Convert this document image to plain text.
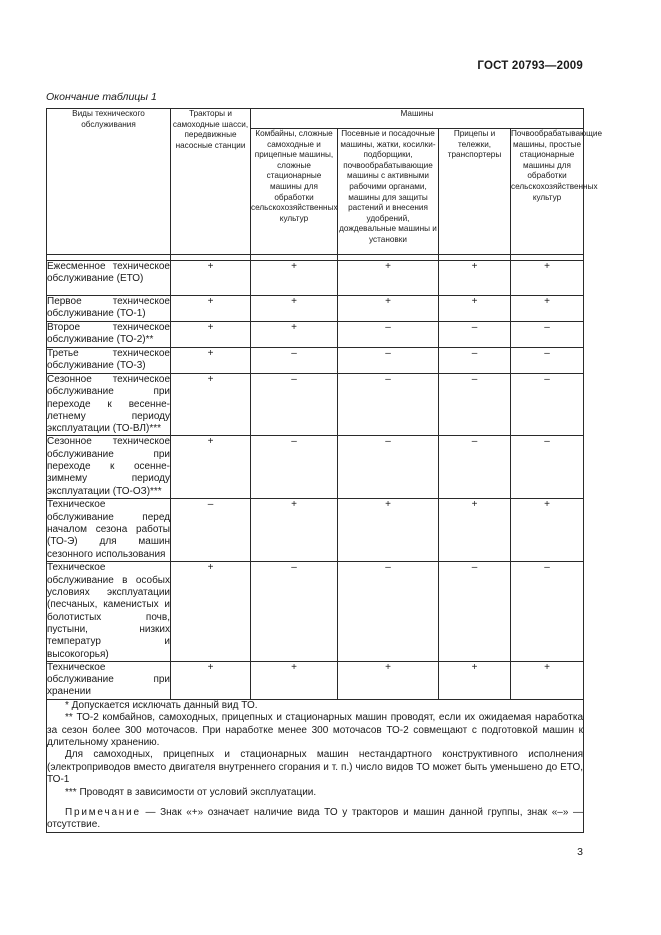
ГОСТ 20793—2009
Окончание таблицы 1
Виды технического обслуживания	Тракторы и самоходные шасси, передвижные насосные станции	Машины			
		Комбайны, сложные самоходные и прицепные машины, сложные стационарные машины для обработки сельскохозяйственных культур	Посевные и посадочные машины, жатки, косилки-подборщики, почвообрабатывающие машины с активными рабочими органами, машины для защиты растений и внесения удобрений, дождевальные машины и установки	Прицепы и тележки, транспортеры	Почвообрабатывающие машины, простые стационарные машины для обработки сельскохозяйственных культур

Ежесменное техническое обслуживание (ЕТО)	+	+	+	+	+
Первое техническое обслуживание (ТО-1)	+	+	+	+	+
Второе техническое обслуживание (ТО-2)**	+	+	–	–	–
Третье техническое обслуживание (ТО-3)	+	–	–	–	–
Сезонное техническое обслуживание при переходе к весенне-летнему периоду эксплуатации (ТО-ВЛ)***	+	–	–	–	–
Сезонное техническое обслуживание при переходе к осенне-зимнему периоду эксплуатации (ТО-ОЗ)***	+	–	–	–	–
Техническое обслуживание перед началом сезона работы (ТО-Э) для машин сезонного использования	–	+	+	+	+
Техническое обслуживание в особых условиях эксплуатации (песчаных, каменистых и болотистых почв, пустыни, низких температур и высокогорья)	+	–	–	–	–
Техническое обслуживание при хранении	+	+	+	+	+

* Допускается исключать данный вид ТО.
** ТО-2 комбайнов, самоходных, прицепных и стационарных машин проводят, если их ожидаемая наработка за сезон более 300 моточасов. При наработке менее 300 моточасов ТО-2 совмещают с подготовкой машин к длительному хранению.
Для самоходных, прицепных и стационарных машин нестандартного конструктивного исполнения (электроприводов вместо двигателя внутреннего сгорания и т. п.) число видов ТО может быть уменьшено до ЕТО, ТО-1
*** Проводят в зависимости от условий эксплуатации.
Примечание — Знак «+» означает наличие вида ТО у тракторов и машин данной группы, знак «–» — отсутствие.					
3
